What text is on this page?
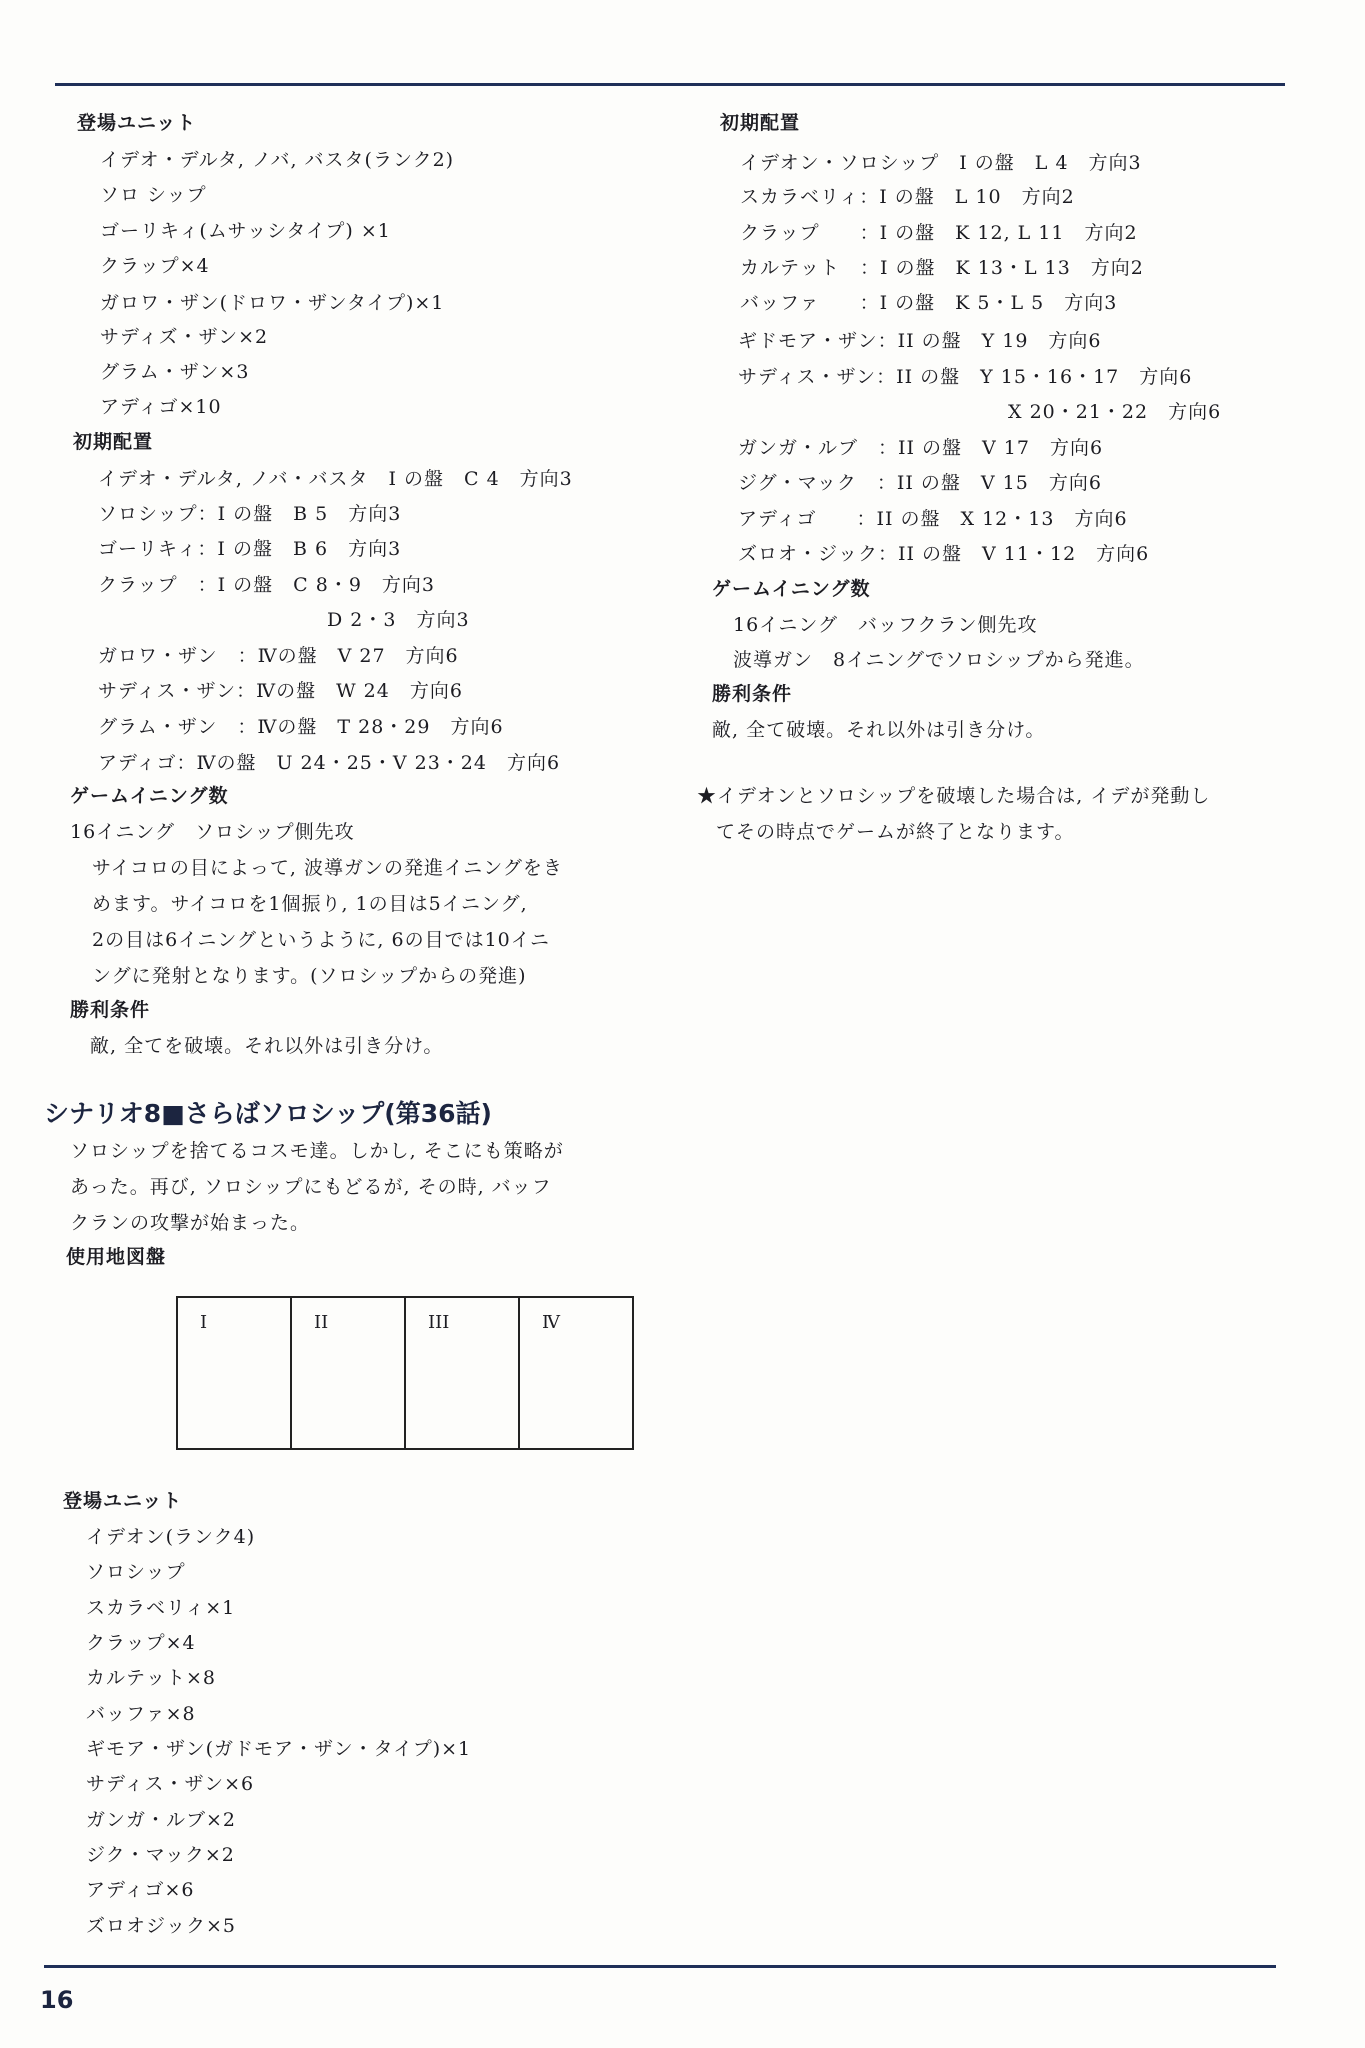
登場ユニット
イデオ・デルタ, ノバ, バスタ(ランク2)
ソロ シップ
ゴーリキィ(ムサッシタイプ) ×1
クラップ×4
ガロワ・ザン(ドロワ・ザンタイプ)×1
サディズ・ザン×2
グラム・ザン×3
アディゴ×10
初期配置
イデオ・デルタ, ノバ・バスタ　I の盤　C 4　方向3
ソロシップ：I の盤　B 5　方向3
ゴーリキィ：I の盤　B 6　方向3
クラップ　：I の盤　C 8・9　方向3
D 2・3　方向3
ガロワ・ザン　：Ⅳの盤　V 27　方向6
サディス・ザン：Ⅳの盤　W 24　方向6
グラム・ザン　：Ⅳの盤　T 28・29　方向6
アディゴ：Ⅳの盤　U 24・25・V 23・24　方向6
ゲームイニング数
16イニング　ソロシップ側先攻
サイコロの目によって, 波導ガンの発進イニングをき
めます。サイコロを1個振り, 1の目は5イニング,
2の目は6イニングというように, 6の目では10イニ
ングに発射となります。(ソロシップからの発進)
勝利条件
敵, 全てを破壊。それ以外は引き分け。
シナリオ8■さらばソロシップ(第36話)
ソロシップを捨てるコスモ達。しかし, そこにも策略が
あった。再び, ソロシップにもどるが, その時, バッフ
クランの攻撃が始まった。
使用地図盤
I	II	III	Ⅳ
登場ユニット
イデオン(ランク4)
ソロシップ
スカラベリィ×1
クラップ×4
カルテット×8
バッファ×8
ギモア・ザン(ガドモア・ザン・タイプ)×1
サディス・ザン×6
ガンガ・ルブ×2
ジク・マック×2
アディゴ×6
ズロオジック×5
初期配置
イデオン・ソロシップ　I の盤　L 4　方向3
スカラベリィ：I の盤　L 10　方向2
クラップ　　：I の盤　K 12, L 11　方向2
カルテット　：I の盤　K 13・L 13　方向2
バッファ　　：I の盤　K 5・L 5　方向3
ギドモア・ザン：II の盤　Y 19　方向6
サディス・ザン：II の盤　Y 15・16・17　方向6
X 20・21・22　方向6
ガンガ・ルブ　：II の盤　V 17　方向6
ジグ・マック　：II の盤　V 15　方向6
アディゴ　　：II の盤　X 12・13　方向6
ズロオ・ジック：II の盤　V 11・12　方向6
ゲームイニング数
16イニング　バッフクラン側先攻
波導ガン　8イニングでソロシップから発進。
勝利条件
敵, 全て破壊。それ以外は引き分け。
★イデオンとソロシップを破壊した場合は, イデが発動し
てその時点でゲームが終了となります。
16
